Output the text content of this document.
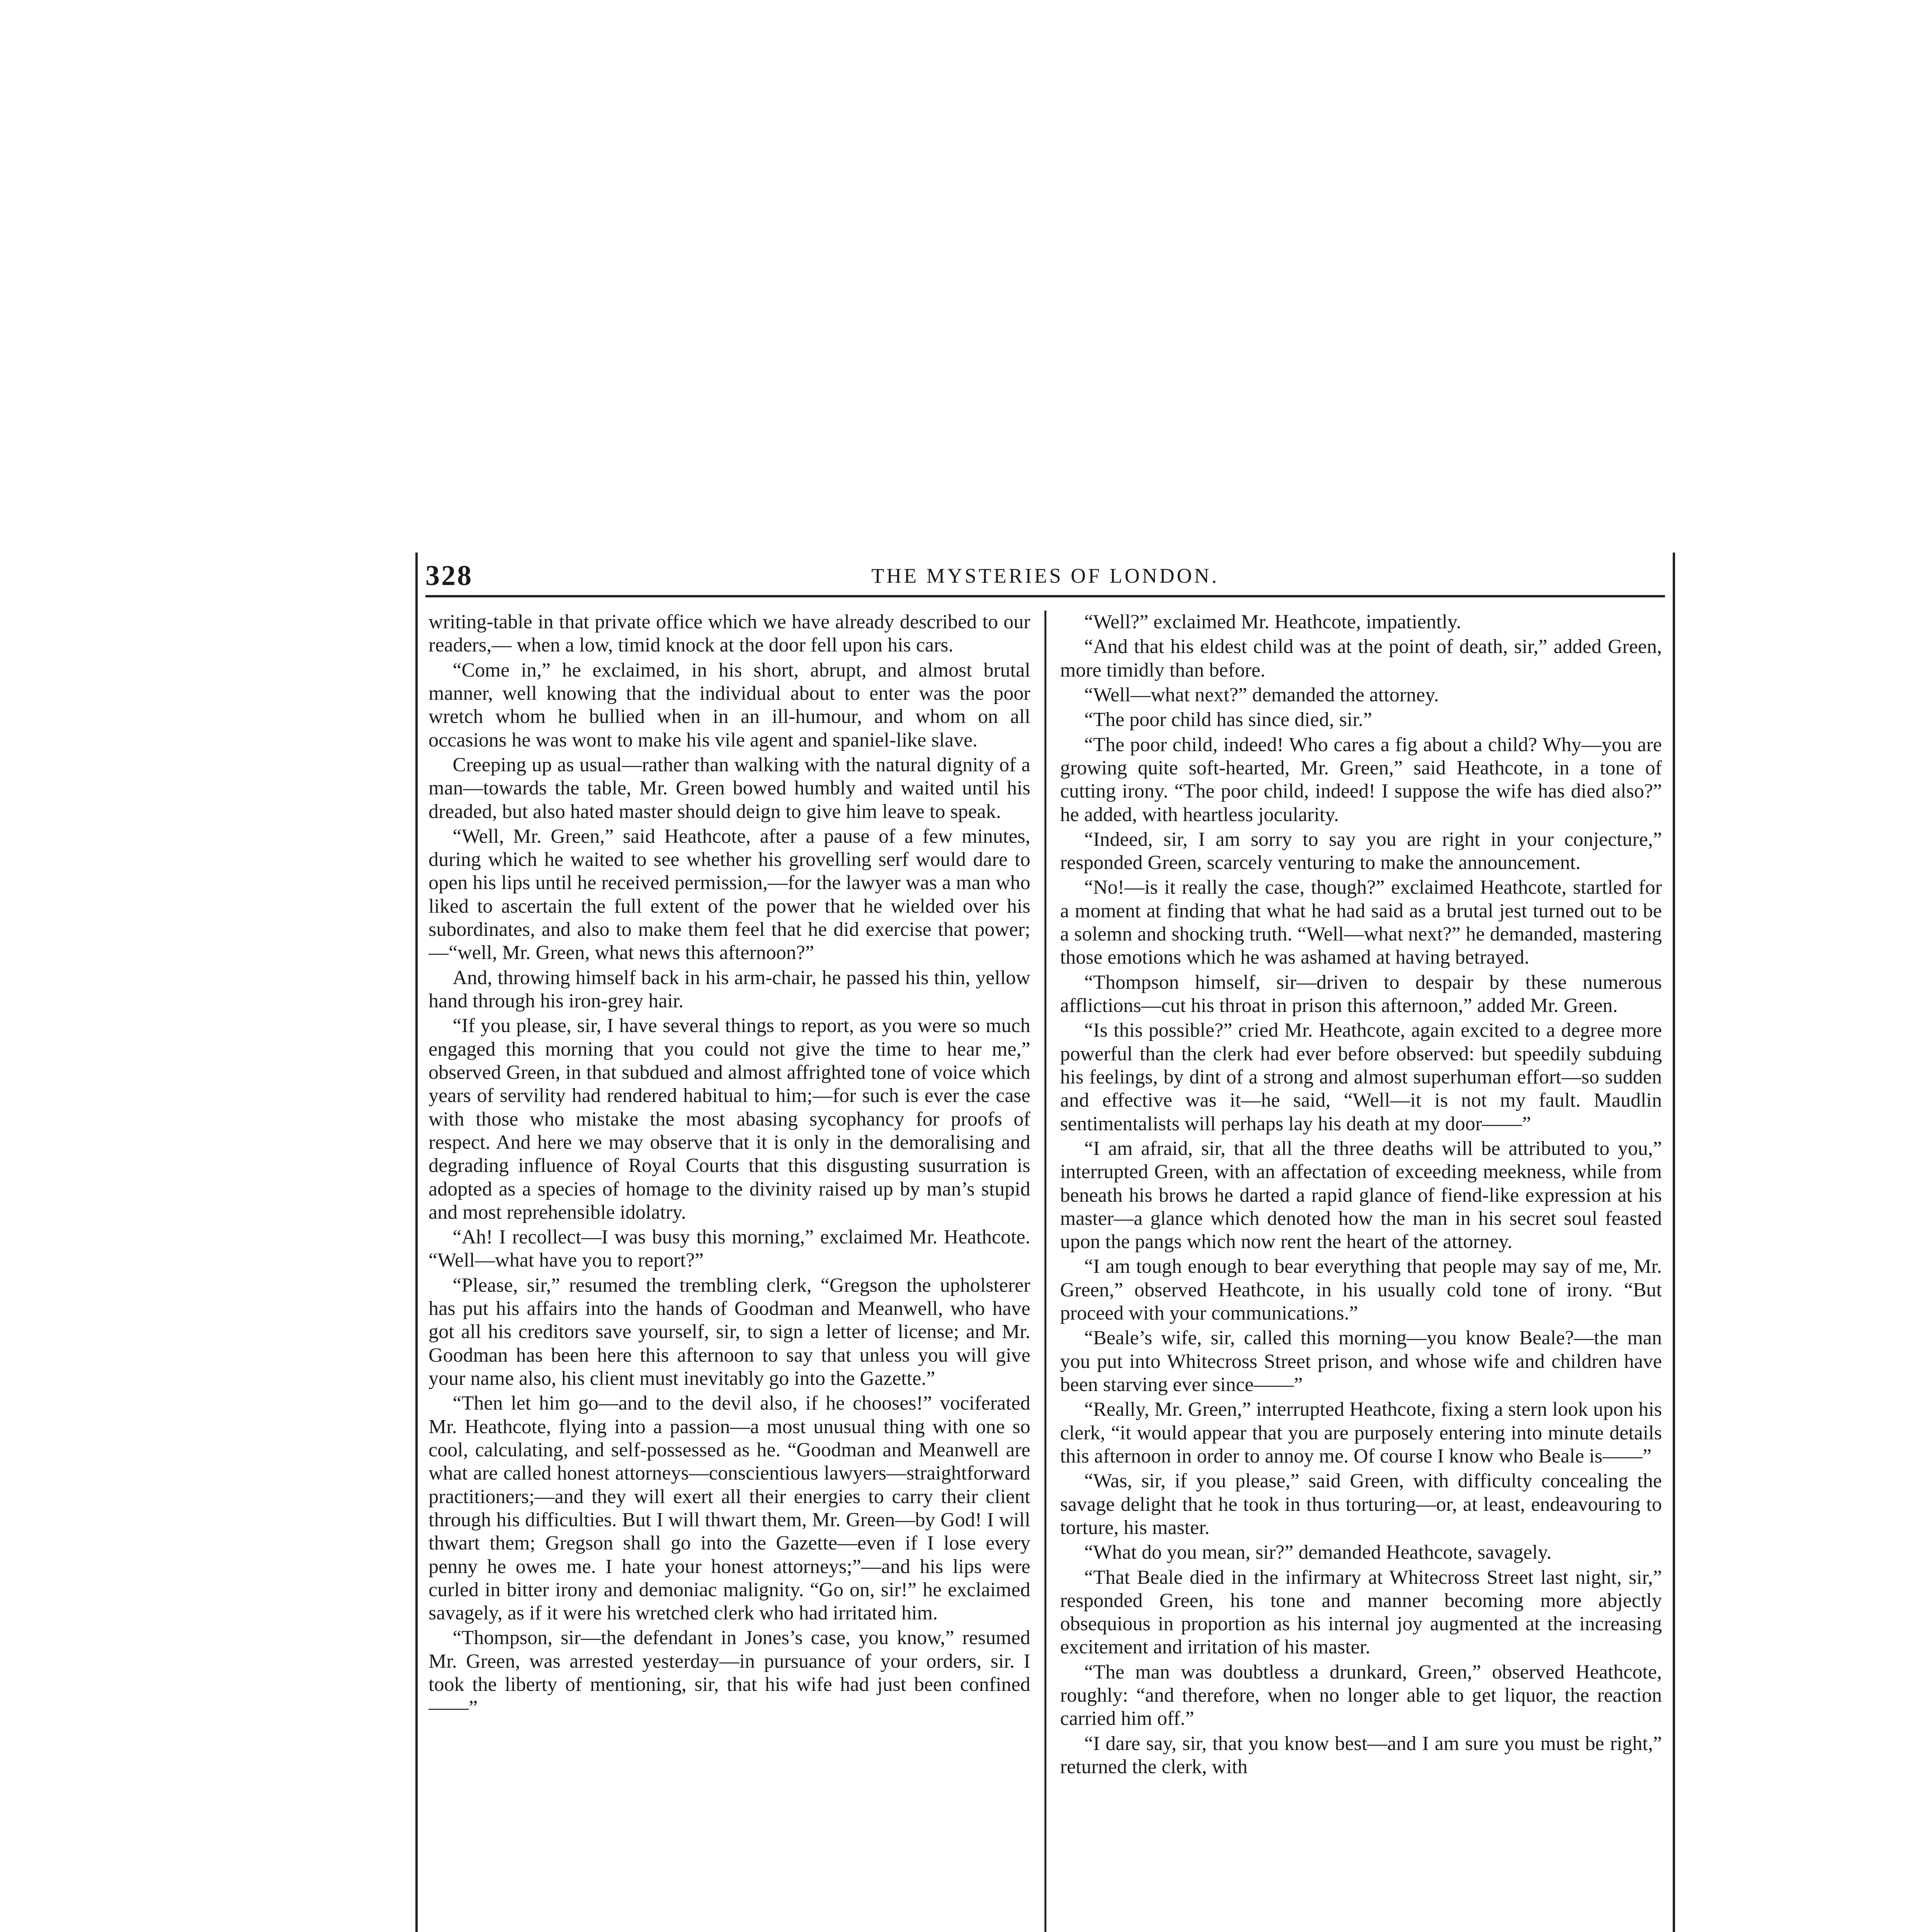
328	THE MYSTERIES OF LONDON.

writing-table in that private office which we have already described to our readers,— when a low, timid knock at the door fell upon his cars.

“Come in,” he exclaimed, in his short, abrupt, and almost brutal manner, well knowing that the individual about to enter was the poor wretch whom he bullied when in an ill-humour, and whom on all occasions he was wont to make his vile agent and spaniel-like slave.

Creeping up as usual—rather than walking with the natural dignity of a man—towards the table, Mr. Green bowed humbly and waited until his dreaded, but also hated master should deign to give him leave to speak.

“Well, Mr. Green,” said Heathcote, after a pause of a few minutes, during which he waited to see whether his grovelling serf would dare to open his lips until he received permission,—for the lawyer was a man who liked to ascertain the full extent of the power that he wielded over his subordinates, and also to make them feel that he did exercise that power;—“well, Mr. Green, what news this afternoon?”

And, throwing himself back in his arm-chair, he passed his thin, yellow hand through his iron-grey hair.

“If you please, sir, I have several things to report, as you were so much engaged this morning that you could not give the time to hear me,” observed Green, in that subdued and almost affrighted tone of voice which years of servility had rendered habitual to him;—for such is ever the case with those who mistake the most abasing sycophancy for proofs of respect. And here we may observe that it is only in the demoralising and degrading influence of Royal Courts that this disgusting susurration is adopted as a species of homage to the divinity raised up by man’s stupid and most reprehensible idolatry.

“Ah! I recollect—I was busy this morning,” exclaimed Mr. Heathcote. “Well—what have you to report?”

“Please, sir,” resumed the trembling clerk, “Gregson the upholsterer has put his affairs into the hands of Goodman and Meanwell, who have got all his creditors save yourself, sir, to sign a letter of license; and Mr. Goodman has been here this afternoon to say that unless you will give your name also, his client must inevitably go into the Gazette.”

“Then let him go—and to the devil also, if he chooses!” vociferated Mr. Heathcote, flying into a passion—a most unusual thing with one so cool, calculating, and self-possessed as he. “Goodman and Meanwell are what are called honest attorneys—conscientious lawyers—straightforward practitioners;—and they will exert all their energies to carry their client through his difficulties. But I will thwart them, Mr. Green—by God! I will thwart them; Gregson shall go into the Gazette—even if I lose every penny he owes me. I hate your honest attorneys;”—and his lips were curled in bitter irony and demoniac malignity. “Go on, sir!” he exclaimed savagely, as if it were his wretched clerk who had irritated him.

“Thompson, sir—the defendant in Jones’s case, you know,” resumed Mr. Green, was arrested yesterday—in pursuance of your orders, sir. I took the liberty of mentioning, sir, that his wife had just been confined——”

“Well?” exclaimed Mr. Heathcote, impatiently.

“And that his eldest child was at the point of death, sir,” added Green, more timidly than before.

“Well—what next?” demanded the attorney.

“The poor child has since died, sir.”

“The poor child, indeed! Who cares a fig about a child? Why—you are growing quite soft-hearted, Mr. Green,” said Heathcote, in a tone of cutting irony. “The poor child, indeed! I suppose the wife has died also?” he added, with heartless jocularity.

“Indeed, sir, I am sorry to say you are right in your conjecture,” responded Green, scarcely venturing to make the announcement.

“No!—is it really the case, though?” exclaimed Heathcote, startled for a moment at finding that what he had said as a brutal jest turned out to be a solemn and shocking truth. “Well—what next?” he demanded, mastering those emotions which he was ashamed at having betrayed.

“Thompson himself, sir—driven to despair by these numerous afflictions—cut his throat in prison this afternoon,” added Mr. Green.

“Is this possible?” cried Mr. Heathcote, again excited to a degree more powerful than the clerk had ever before observed: but speedily subduing his feelings, by dint of a strong and almost superhuman effort—so sudden and effective was it—he said, “Well—it is not my fault. Maudlin sentimentalists will perhaps lay his death at my door——”

“I am afraid, sir, that all the three deaths will be attributed to you,” interrupted Green, with an affectation of exceeding meekness, while from beneath his brows he darted a rapid glance of fiend-like expression at his master—a glance which denoted how the man in his secret soul feasted upon the pangs which now rent the heart of the attorney.

“I am tough enough to bear everything that people may say of me, Mr. Green,” observed Heathcote, in his usually cold tone of irony. “But proceed with your communications.”

“Beale’s wife, sir, called this morning—you know Beale?—the man you put into Whitecross Street prison, and whose wife and children have been starving ever since——”

“Really, Mr. Green,” interrupted Heathcote, fixing a stern look upon his clerk, “it would appear that you are purposely entering into minute details this afternoon in order to annoy me. Of course I know who Beale is——”

“Was, sir, if you please,” said Green, with difficulty concealing the savage delight that he took in thus torturing—or, at least, endeavouring to torture, his master.

“What do you mean, sir?” demanded Heathcote, savagely.

“That Beale died in the infirmary at Whitecross Street last night, sir,” responded Green, his tone and manner becoming more abjectly obsequious in proportion as his internal joy augmented at the increasing excitement and irritation of his master.

“The man was doubtless a drunkard, Green,” observed Heathcote, roughly: “and therefore, when no longer able to get liquor, the reaction carried him off.”

“I dare say, sir, that you know best—and I am sure you must be right,” returned the clerk, with
